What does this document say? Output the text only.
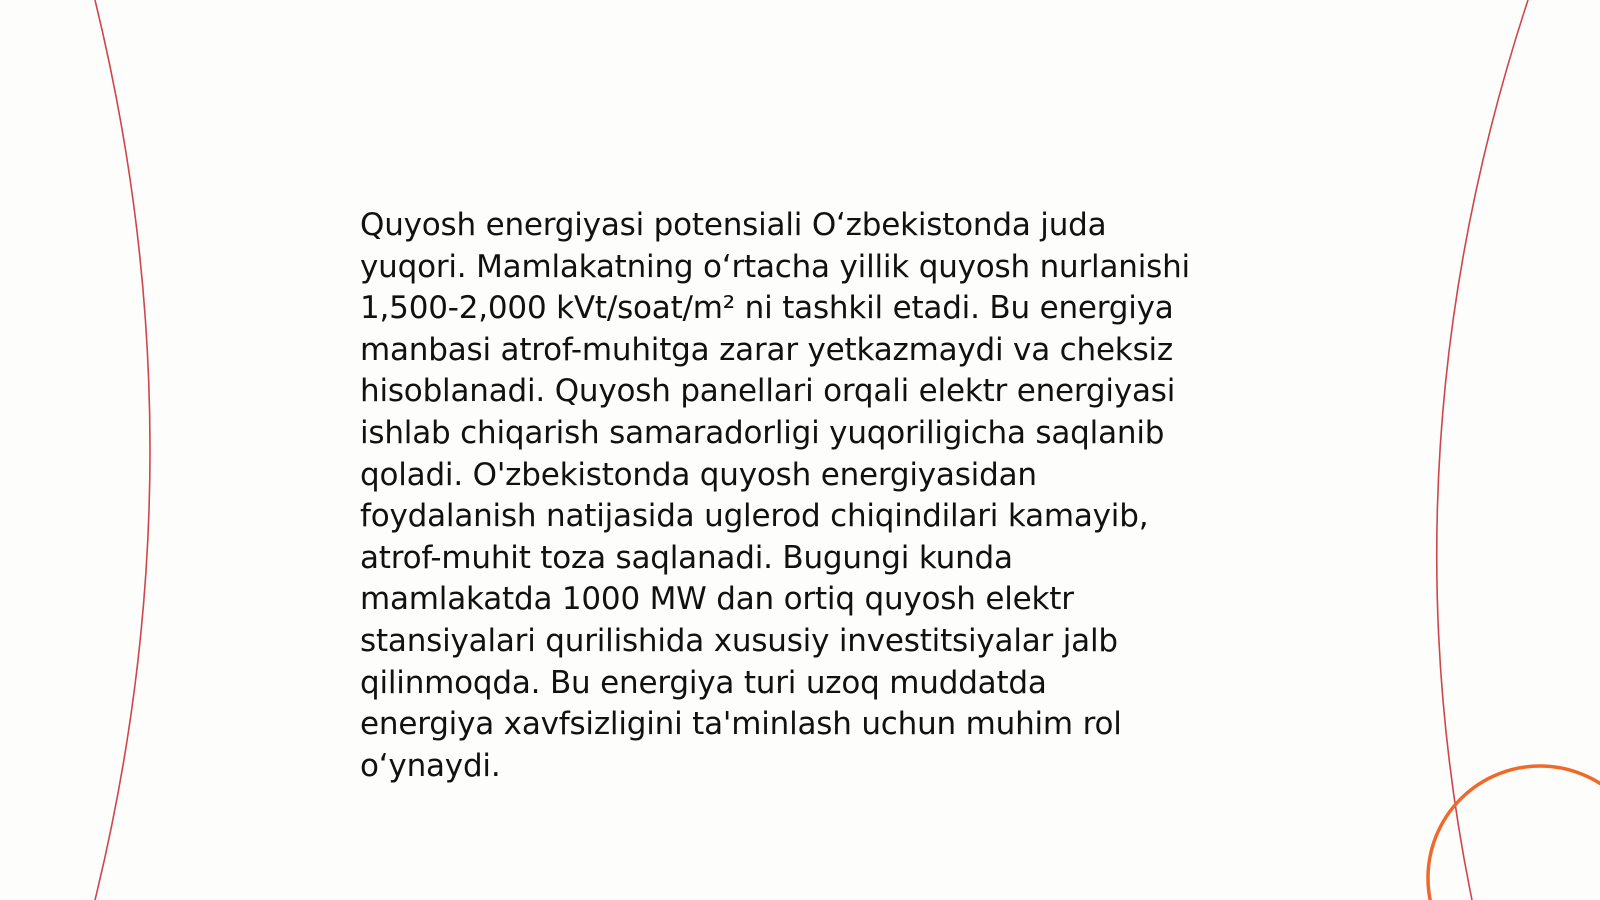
Quyosh energiyasi potensiali O‘zbekistonda juda
yuqori. Mamlakatning o‘rtacha yillik quyosh nurlanishi
1,500-2,000 kVt/soat/m² ni tashkil etadi. Bu energiya
manbasi atrof-muhitga zarar yetkazmaydi va cheksiz
hisoblanadi. Quyosh panellari orqali elektr energiyasi
ishlab chiqarish samaradorligi yuqoriligicha saqlanib
qoladi. O'zbekistonda quyosh energiyasidan
foydalanish natijasida uglerod chiqindilari kamayib,
atrof-muhit toza saqlanadi. Bugungi kunda
mamlakatda 1000 MW dan ortiq quyosh elektr
stansiyalari qurilishida xususiy investitsiyalar jalb
qilinmoqda. Bu energiya turi uzoq muddatda
energiya xavfsizligini ta'minlash uchun muhim rol
o‘ynaydi.
